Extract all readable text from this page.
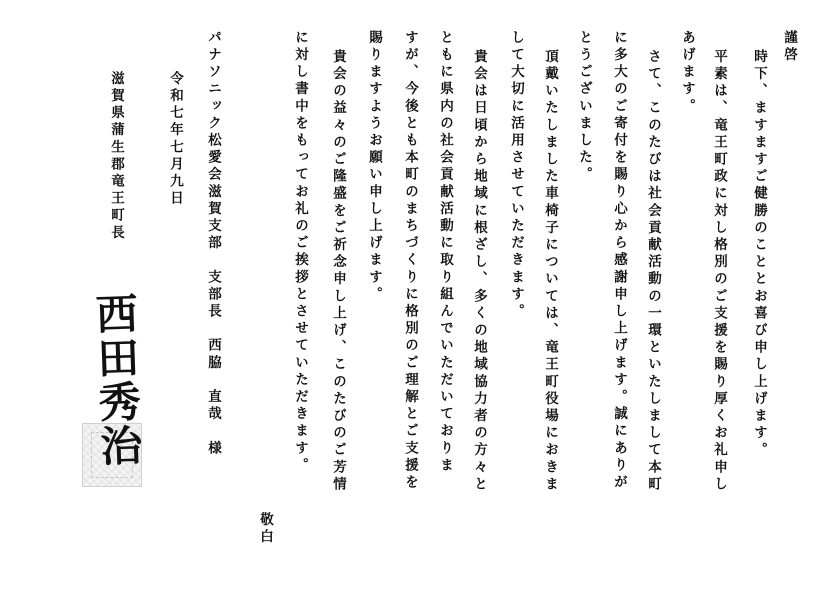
謹啓
時下、ますますご健勝のこととお喜び申し上げます。
平素は、竜王町政に対し格別のご支援を賜り厚くお礼申し
あげます。
さて、このたびは社会貢献活動の一環といたしまして本町
に多大のご寄付を賜り心から感謝申し上げます。誠にありが
とうございました。
頂戴いたしました車椅子については、竜王町役場におきま
して大切に活用させていただきます。
貴会は日頃から地域に根ざし、多くの地域協力者の方々と
ともに県内の社会貢献活動に取り組んでいただいておりま
すが、今後とも本町のまちづくりに格別のご理解とご支援を
賜りますようお願い申し上げます。
貴会の益々のご隆盛をご祈念申し上げ、このたびのご芳情
に対し書中をもってお礼のご挨拶とさせていただきます。
敬白
パナソニック松愛会滋賀支部　支部長　西脇　直哉　様
令和七年七月九日
滋賀県蒲生郡竜王町長
西田秀治
